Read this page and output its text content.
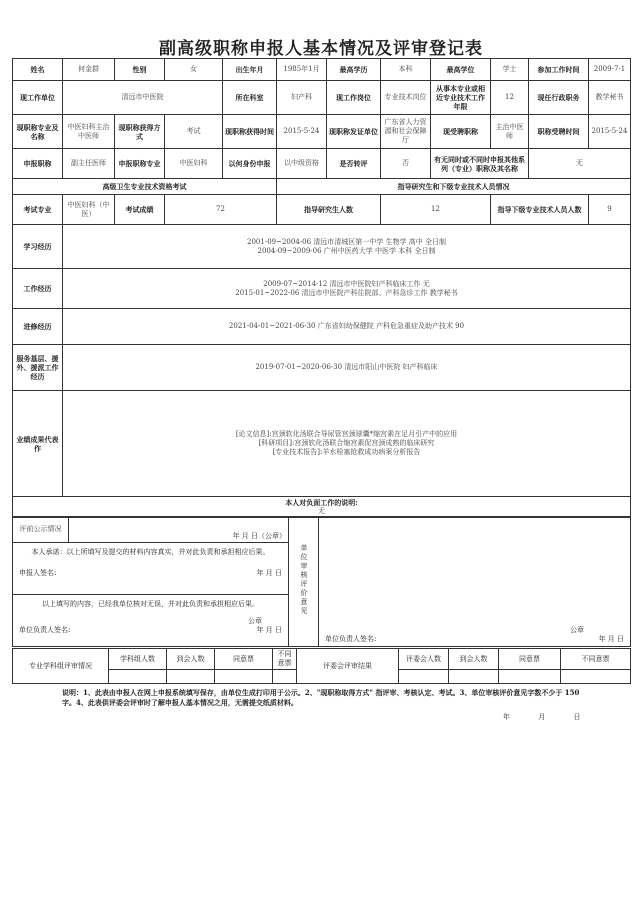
副高级职称申报人基本情况及评审登记表
姓名	何金群	性别	女	出生年月	1985年1月	最高学历	本科	最高学位	学士	参加工作时间	2009-7-1
现工作单位	清远市中医院			所在科室	妇产科	现工作岗位	专业技术岗位	从事本专业或相近专业技术工作年限	12	现任行政职务	教学秘书
现职称专业及名称	中医妇科主治中医师	现职称获得方式	考试	现职称获得时间	2015-5-24	现职称发证单位	广东省人力资源和社会保障厅	现受聘职称	主治中医师	职称受聘时间	2015-5-24
申报职称	副主任医师	申报职称专业	中医妇科	以何身份申报	以中级资格	是否转评	否	有无同时或不同时申报其他系列（专业）职称及其名称		无	
高级卫生专业技术资格考试					指导研究生和下级专业技术人员情况						
考试专业	中医妇科（中医）	考试成绩	72		指导研究生人数		12		指导下级专业技术人员人数		9
学习经历	2001-09~2004-06 清远市清城区第一中学 生物学 高中 全日制
2004-09~2009-06 广州中医药大学 中医学 本科 全日制										

工作经历	2009-07~2014-12 清远市中医院妇产科临床工作 无
2015-01~2022-06 清远市中医院产科住院部、产科急诊工作 教学秘书										

进修经历	2021-04-01~2021-06-30 广东省妇幼保健院 产科危急重症及助产技术 90										

服务基层、援外、援派工作经历	2019-07-01~2020-06-30 清远市阳山中医院 妇产科临床										

业绩成果代表作	[论文信息]:宫颈软化汤联合导尿管宫颈球囊*缩宫素在足月引产中的应用
[科研项目]:宫颈软化汤联合缩宫素促宫颈成熟的临床研究
[专业技术报告]:羊水栓塞抢救成功病案分析报告										

本人对负面工作的说明:
无											
评前公示情况	年 月 日（公章）	单位审核评价意见	
公章
单位负责人签名:	年 月 日

本人承诺：以上所填写及提交的材料内容真实，并对此负责和承担相应后果。
申报人签名:	年 月 日

以上填写的内容，已经我单位核对无误，并对此负责和承担相应后果。
公章
单位负责人签名:	年 月 日
专业学科组评审情况	学科组人数	到会人数	同意票	不同意票	评委会评审结果	评委会人数	到会人数	同意票	不同意票

说明：1、此表由申报人在网上申报系统填写保存，由单位生成打印用于公示。2、"现职称取得方式" 指评审、考核认定、考试。3、单位审核评价意见字数不少于 150 字。4、此表供评委会评审时了解申报人基本情况之用，无需提交纸质材料。
年 月 日
